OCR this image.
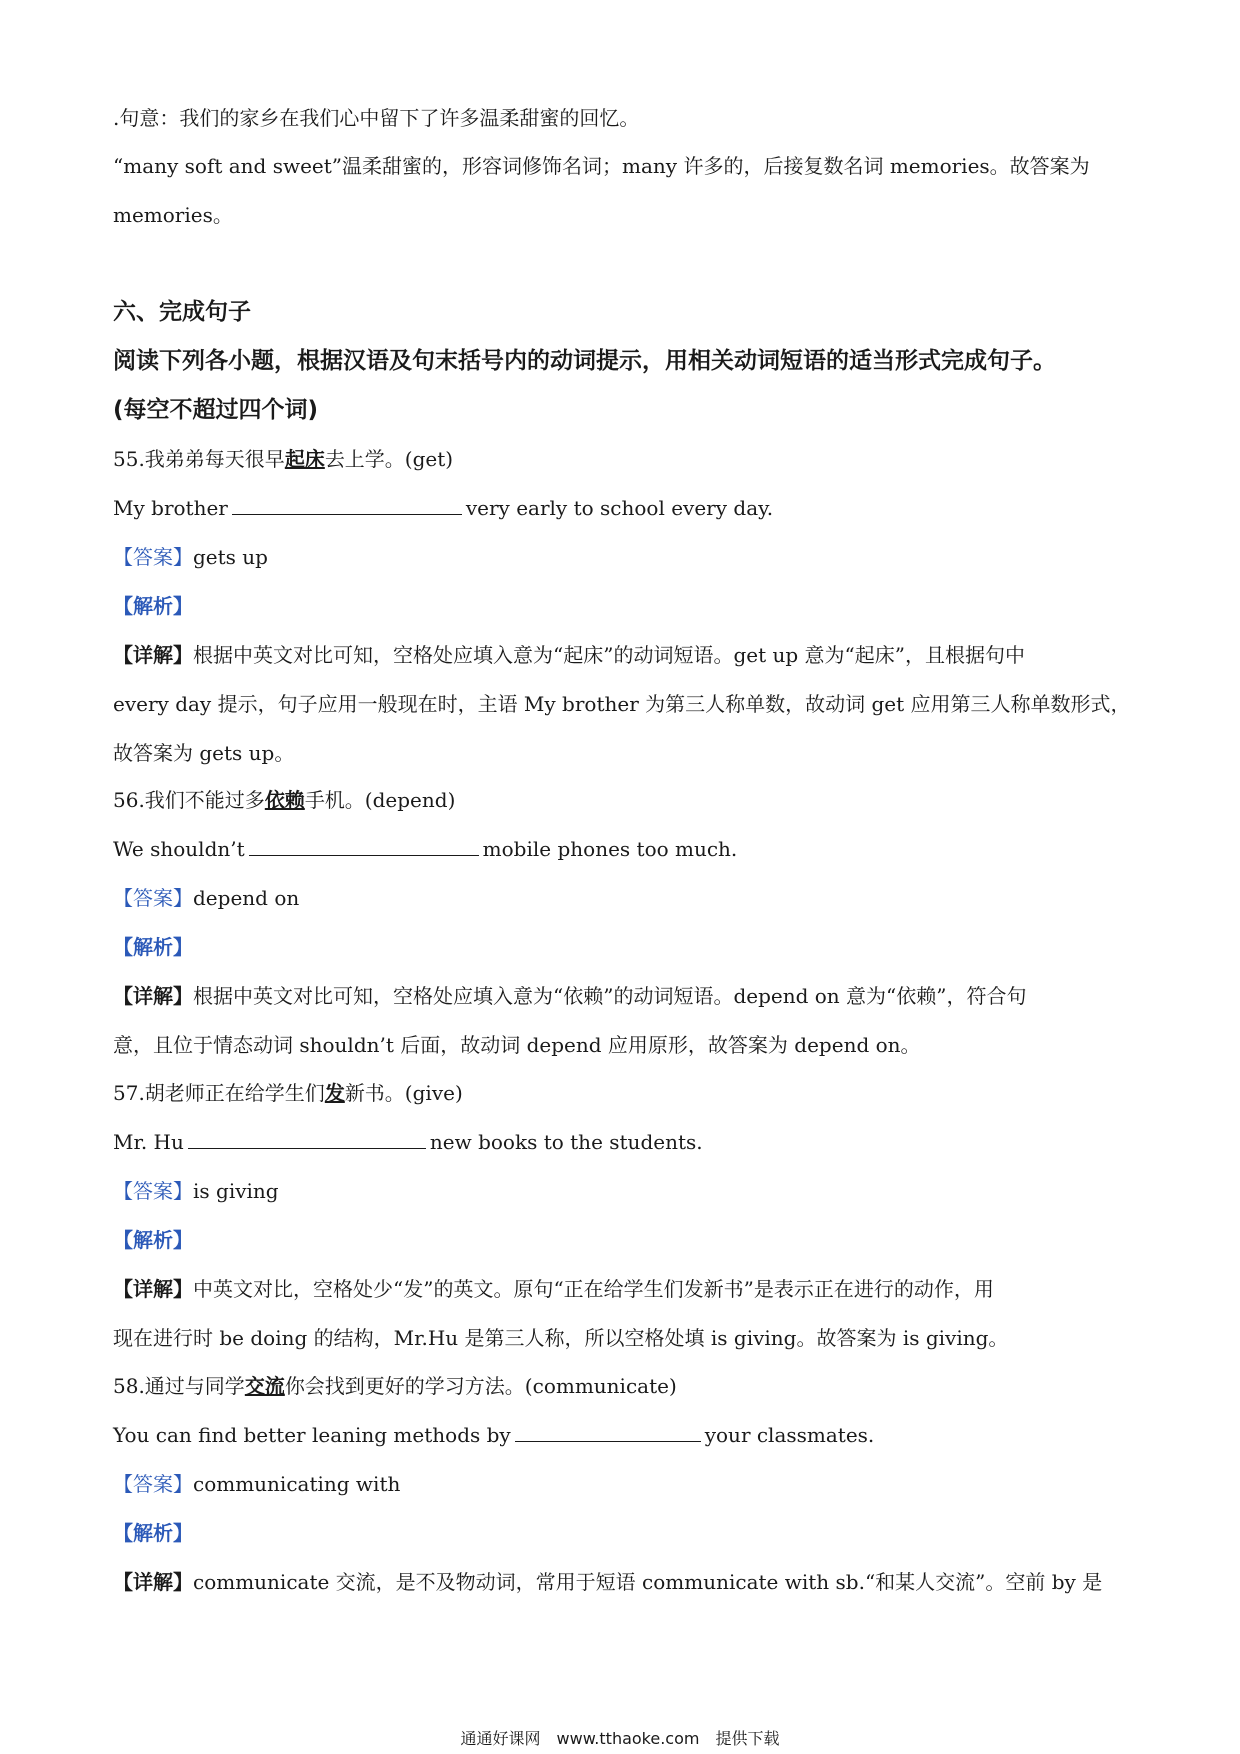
.句意：我们的家乡在我们心中留下了许多温柔甜蜜的回忆。
“many soft and sweet”温柔甜蜜的，形容词修饰名词；many 许多的，后接复数名词 memories。故答案为
memories。
六、完成句子
阅读下列各小题，根据汉语及句末括号内的动词提示，用相关动词短语的适当形式完成句子。
(每空不超过四个词)
55.我弟弟每天很早起床去上学。(get)
My brother	very early to school every day.
【答案】gets up
【解析】
【详解】根据中英文对比可知，空格处应填入意为“起床”的动词短语。get up 意为“起床”，且根据句中
every day 提示，句子应用一般现在时，主语 My brother 为第三人称单数，故动词 get 应用第三人称单数形式，
故答案为 gets up。
56.我们不能过多依赖手机。(depend)
We shouldn’t	mobile phones too much.
【答案】depend on
【解析】
【详解】根据中英文对比可知，空格处应填入意为“依赖”的动词短语。depend on 意为“依赖”，符合句
意，且位于情态动词 shouldn’t 后面，故动词 depend 应用原形，故答案为 depend on。
57.胡老师正在给学生们发新书。(give)
Mr. Hu	new books to the students.
【答案】is giving
【解析】
【详解】中英文对比，空格处少“发”的英文。原句“正在给学生们发新书”是表示正在进行的动作，用
现在进行时 be doing 的结构，Mr.Hu 是第三人称，所以空格处填 is giving。故答案为 is giving。
58.通过与同学交流你会找到更好的学习方法。(communicate)
You can find better leaning methods by	your classmates.
【答案】communicating with
【解析】
【详解】communicate 交流，是不及物动词，常用于短语 communicate with sb.“和某人交流”。空前 by 是
通通好课网　www.tthaoke.com　提供下载
